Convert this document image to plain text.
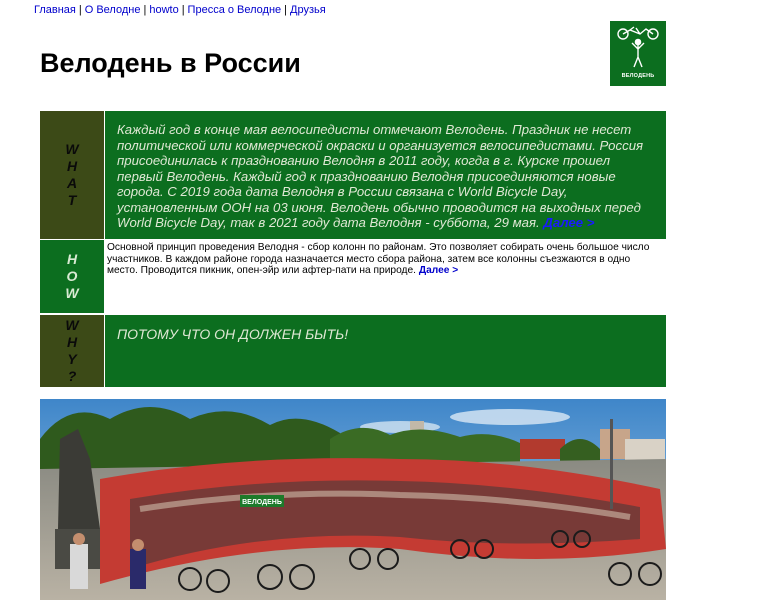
Главная | О Велодне | howto | Пресса о Велодне | Друзья
Велодень в России	ВЕЛОДЕНЬ
W
H
A
T
Каждый год в конце мая велосипедисты отмечают Велодень. Праздник не несет политической или коммерческой окраски и организуется велосипедистами. Россия присоединилась к празднованию Велодня в 2011 году, когда в г. Курске прошел первый Велодень. Каждый год к празднованию Велодня присоединяются новые города. С 2019 года дата Велодня в России связана с World Bicycle Day, установленным ООН на 03 июня. Велодень обычно проводится на выходных перед World Bicycle Day, так в 2021 году дата Велодня - суббота, 29 мая. Далее >
H
O
W
Основной принцип проведения Велодня - сбор колонн по районам. Это позволяет собирать очень большое число участников. В каждом районе города назначается место сбора района, затем все колонны съезжаются в одно место. Проводится пикник, опен-эйр или афтер-пати на природе. Далее >
W
H
Y
?
ПОТОМУ ЧТО ОН ДОЛЖЕН БЫТЬ!
ВЕЛОДЕНЬ
